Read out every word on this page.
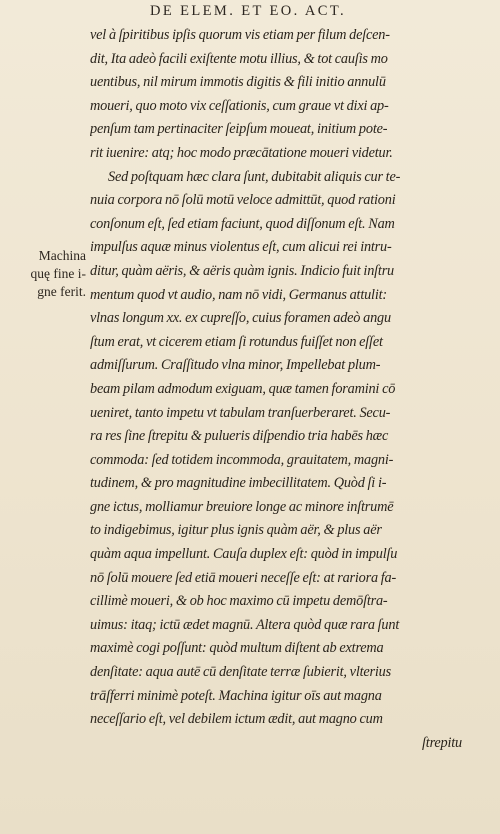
DE ELEM. ET EO. ACT.
Machina
quę fine i-
gne ferit.
vel à ſpiritibus ipſis quorum vis etiam per filum deſcen-
dit, Ita adeò facili exiſtente motu illius, & tot cauſis mo
uentibus, nil mirum immotis digitis & fili initio annulū
moueri, quo moto vix ceſſationis, cum graue vt dixi ap-
penſum tam pertinaciter ſeipſum moueat, initium pote-
rit iuenire: atq; hoc modo præcātatione moueri videtur.
Sed poſtquam hæc clara ſunt, dubitabit aliquis cur te-
nuia corpora nō ſolū motū veloce admittūt, quod rationi
conſonum eſt, ſed etiam faciunt, quod diſſonum eſt. Nam
impulſus aquæ minus violentus eſt, cum alicui rei intru-
ditur, quàm aëris, & aëris quàm ignis. Indicio fuit inſtru
mentum quod vt audio, nam nō vidi, Germanus attulit:
vlnas longum xx. ex cupreſſo, cuius foramen adeò angu
ſtum erat, vt cicerem etiam ſi rotundus fuiſſet non eſſet
admiſſurum. Craſſitudo vlna minor, Impellebat plum-
beam pilam admodum exiguam, quæ tamen foramini cō
ueniret, tanto impetu vt tabulam tranſuerberaret. Secu-
ra res ſine ſtrepitu & pulueris diſpendio tria habēs hæc
commoda: ſed totidem incommoda, grauitatem, magni-
tudinem, & pro magnitudine imbecillitatem. Quòd ſi i-
gne ictus, molliamur breuiore longe ac minore inſtrumē
to indigebimus, igitur plus ignis quàm aër, & plus aër
quàm aqua impellunt. Cauſa duplex eſt: quòd in impulſu
nō ſolū mouere ſed etiā moueri neceſſe eſt: at rariora fa-
cillimè moueri, & ob hoc maximo cū impetu demōſtra-
uimus: itaq; ictū ædet magnū. Altera quòd quæ rara ſunt
maximè cogi poſſunt: quòd multum diſtent ab extrema
denſitate: aqua autē cū denſitate terræ ſubierit, vlterius
trāſferri minimè poteſt. Machina igitur oīs aut magna
neceſſario eſt, vel debilem ictum ædit, aut magno cum
ſtrepitu
